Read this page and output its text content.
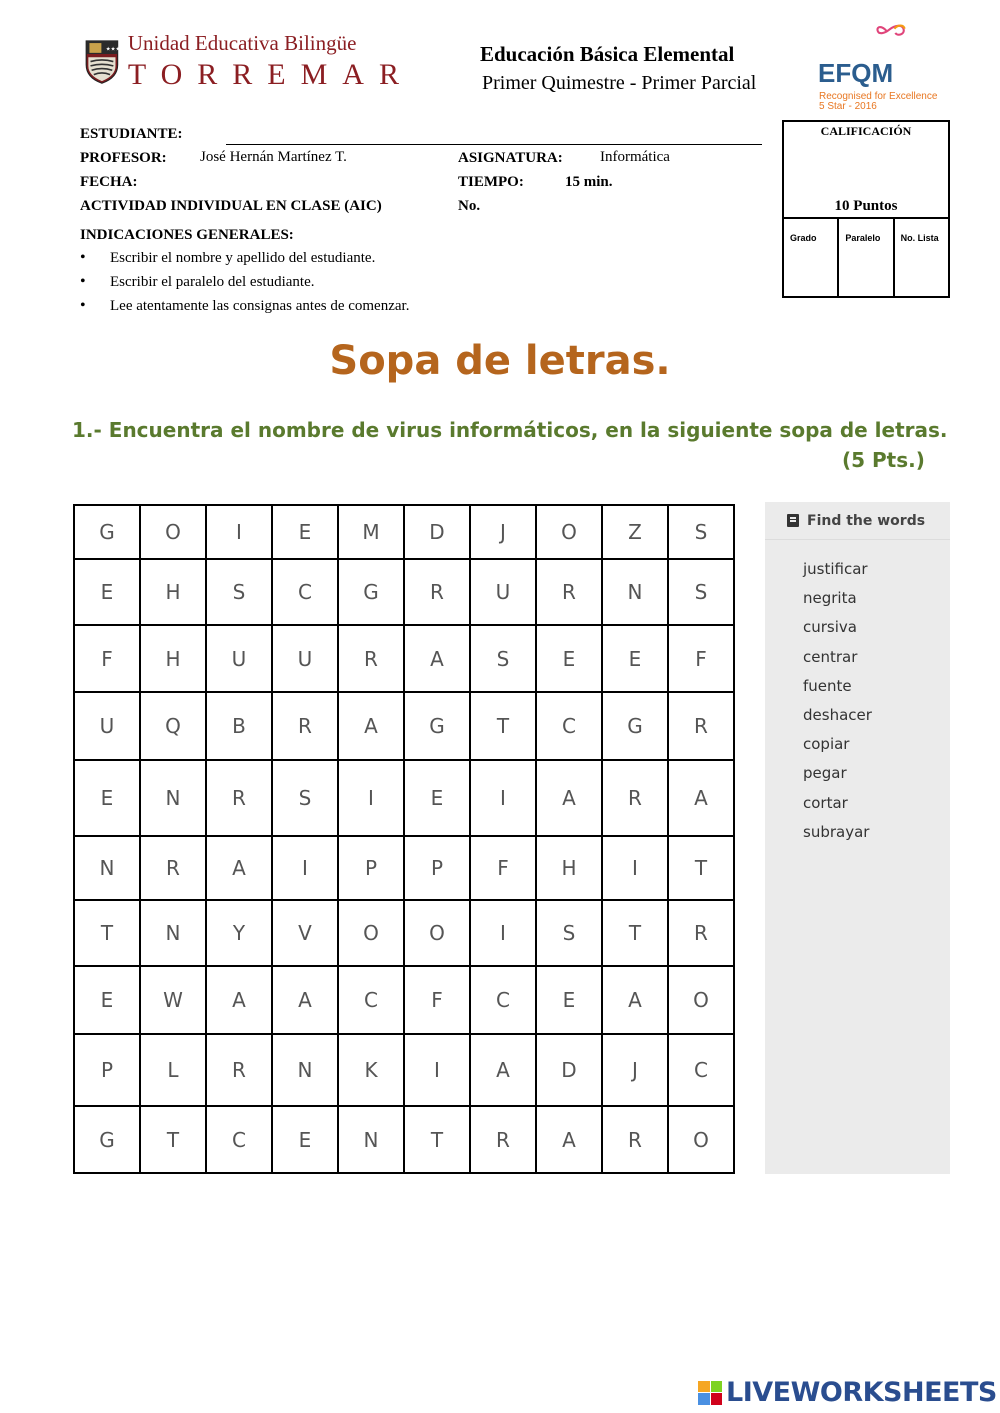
★★★ Unidad Educativa Bilingüe
TORREMAR
Educación Básica Elemental
Primer Quimestre - Primer Parcial EFQM
Recognised for Excellence
5 Star - 2016
ESTUDIANTE:
PROFESOR: José Hernán Martínez T.	ASIGNATURA: Informática
FECHA:	TIEMPO:	15 min.
ACTIVIDAD INDIVIDUAL EN CLASE (AIC)	No.
INDICACIONES GENERALES:
• Escribir el nombre y apellido del estudiante.
• Escribir el paralelo del estudiante.
• Lee atentamente las consignas antes de comenzar.
CALIFICACIÓN
10 Puntos
Grado	Paralelo	No. Lista
Sopa de letras.
1.- Encuentra el nombre de virus informáticos, en la siguiente sopa de letras.
(5 Pts.)
G	O	I	E	M	D	J	O	Z	S
E	H	S	C	G	R	U	R	N	S
F	H	U	U	R	A	S	E	E	F
U	Q	B	R	A	G	T	C	G	R
E	N	R	S	I	E	I	A	R	A
N	R	A	I	P	P	F	H	I	T
T	N	Y	V	O	O	I	S	T	R
E	W	A	A	C	F	C	E	A	O
P	L	R	N	K	I	A	D	J	C
G	T	C	E	N	T	R	A	R	O
Find the words
justificar
negrita
cursiva
centrar
fuente
deshacer
copiar
pegar
cortar
subrayar
LIVEWORKSHEETS
